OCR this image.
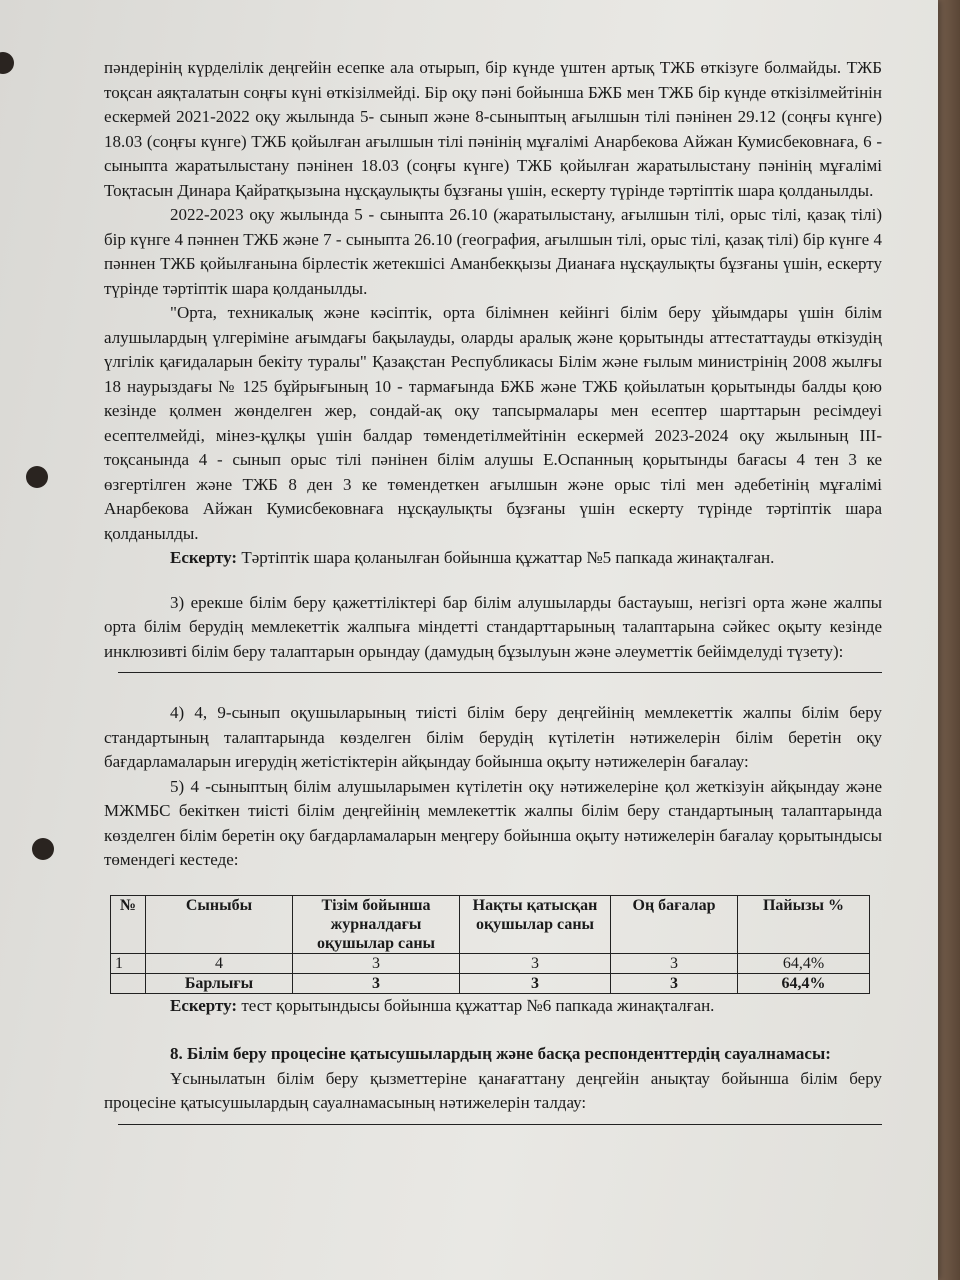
пәндерінің күрделілік деңгейін есепке ала отырып, бір күнде үштен артық ТЖБ өткізуге болмайды. ТЖБ тоқсан аяқталатын соңғы күні өткізілмейді. Бір оқу пәні бойынша БЖБ мен ТЖБ бір күнде өткізілмейтінін ескермей 2021-2022 оқу жылында 5- сынып және 8-сыныптың ағылшын тілі пәнінен 29.12 (соңғы күнге) 18.03 (соңғы күнге) ТЖБ қойылған ағылшын тілі пәнінің мұғалімі Анарбекова Айжан Кумисбековнаға, 6 - сыныпта жаратылыстану пәнінен 18.03 (соңғы күнге) ТЖБ қойылған жаратылыстану пәнінің мұғалімі Тоқтасын Динара Қайратқызына нұсқаулықты бұзғаны үшін, ескерту түрінде тәртіптік шара қолданылды.

2022-2023 оқу жылында 5 - сыныпта 26.10 (жаратылыстану, ағылшын тілі, орыс тілі, қазақ тілі) бір күнге 4 пәннен ТЖБ және 7 - сыныпта 26.10 (география, ағылшын тілі, орыс тілі, қазақ тілі) бір күнге 4 пәннен ТЖБ қойылғанына бірлестік жетекшісі Аманбекқызы Дианаға нұсқаулықты бұзғаны үшін, ескерту түрінде тәртіптік шара қолданылды.

"Орта, техникалық және кәсіптік, орта білімнен кейінгі білім беру ұйымдары үшін білім алушылардың үлгеріміне ағымдағы бақылауды, оларды аралық және қорытынды аттестаттауды өткізудің үлгілік қағидаларын бекіту туралы" Қазақстан Республикасы Білім және ғылым министрінің 2008 жылғы 18 наурыздағы № 125 бұйрығының 10 - тармағында БЖБ және ТЖБ қойылатын қорытынды балды қою кезінде қолмен жөнделген жер, сондай-ақ оқу тапсырмалары мен есептер шарттарын ресімдеуі есептелмейді, мінез-құлқы үшін балдар төмендетілмейтінін ескермей 2023-2024 оқу жылының ІІІ-тоқсанында 4 - сынып орыс тілі пәнінен білім алушы Е.Оспанның қорытынды бағасы 4 тен 3 ке өзгертілген және ТЖБ 8 ден 3 ке төмендеткен ағылшын және орыс тілі мен әдебетінің мұғалімі Анарбекова Айжан Кумисбековнаға нұсқаулықты бұзғаны үшін ескерту түрінде тәртіптік шара қолданылды.

Ескерту: Тәртіптік шара қоланылған бойынша құжаттар №5 папкада жинақталған.

3) ерекше білім беру қажеттіліктері бар білім алушыларды бастауыш, негізгі орта және жалпы орта білім берудің мемлекеттік жалпыға міндетті стандарттарының талаптарына сәйкес оқыту кезінде инклюзивті білім беру талаптарын орындау (дамудың бұзылуын және әлеуметтік бейімделуді түзету):

4) 4, 9-сынып оқушыларының тиісті білім беру деңгейінің мемлекеттік жалпы білім беру стандартының талаптарында көзделген білім берудің күтілетін нәтижелерін білім беретін оқу бағдарламаларын игерудің жетістіктерін айқындау бойынша оқыту нәтижелерін бағалау:

5) 4 -сыныптың білім алушыларымен күтілетін оқу нәтижелеріне қол жеткізуін айқындау және МЖМБС бекіткен тиісті білім деңгейінің мемлекеттік жалпы білім беру стандартының талаптарында көзделген білім беретін оқу бағдарламаларын меңгеру бойынша оқыту нәтижелерін бағалау қорытындысы төмендегі кестеде:

№	Сыныбы	Тізім бойынша журналдағы оқушылар саны	Нақты қатысқан оқушылар саны	Оң бағалар	Пайызы %
1	4	3	3	3	64,4%
	Барлығы	3	3	3	64,4%

Ескерту: тест қорытындысы бойынша құжаттар №6 папкада жинақталған.

8. Білім беру процесіне қатысушылардың және басқа респонденттердің сауалнамасы:

Ұсынылатын білім беру қызметтеріне қанағаттану деңгейін анықтау бойынша білім беру процесіне қатысушылардың сауалнамасының нәтижелерін талдау:
